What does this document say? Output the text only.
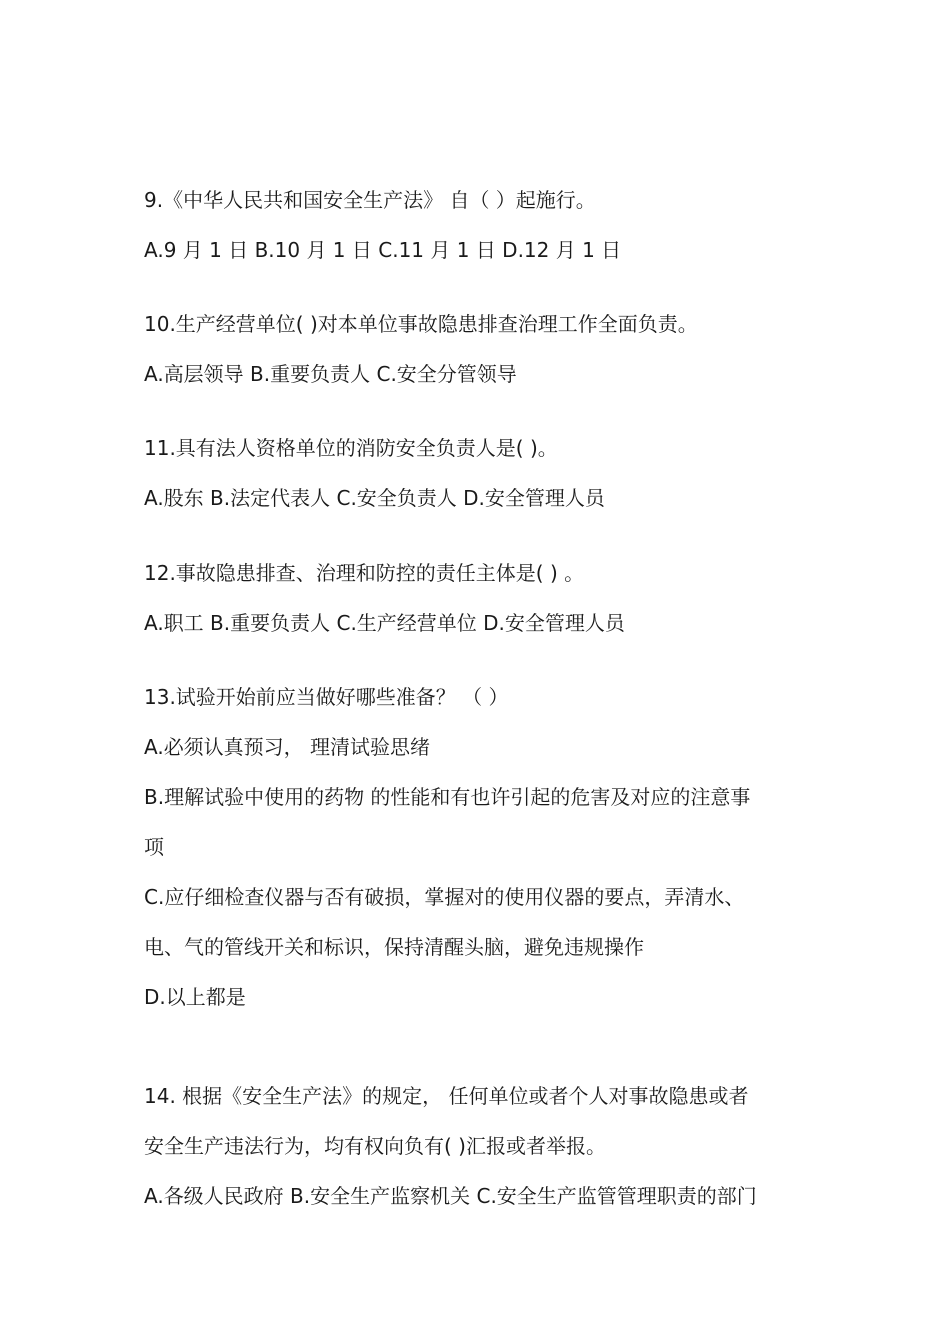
9.《中华人民共和国安全生产法》 自（ ）起施行。
A.9 月 1 日 B.10 月 1 日 C.11 月 1 日 D.12 月 1 日
10.生产经营单位( )对本单位事故隐患排查治理工作全面负责。
A.高层领导 B.重要负责人 C.安全分管领导
11.具有法人资格单位的消防安全负责人是( )。
A.股东 B.法定代表人 C.安全负责人 D.安全管理人员
12.事故隐患排查、治理和防控的责任主体是( ) 。
A.职工 B.重要负责人 C.生产经营单位 D.安全管理人员
13.试验开始前应当做好哪些准备？ （ ）
A.必须认真预习， 理清试验思绪
B.理解试验中使用的药物 的性能和有也许引起的危害及对应的注意事
项
C.应仔细检查仪器与否有破损，掌握对的使用仪器的要点，弄清水、
电、气的管线开关和标识，保持清醒头脑，避免违规操作
D.以上都是
14. 根据《安全生产法》的规定， 任何单位或者个人对事故隐患或者
安全生产违法行为，均有权向负有( )汇报或者举报。
A.各级人民政府 B.安全生产监察机关 C.安全生产监管管理职责的部门
